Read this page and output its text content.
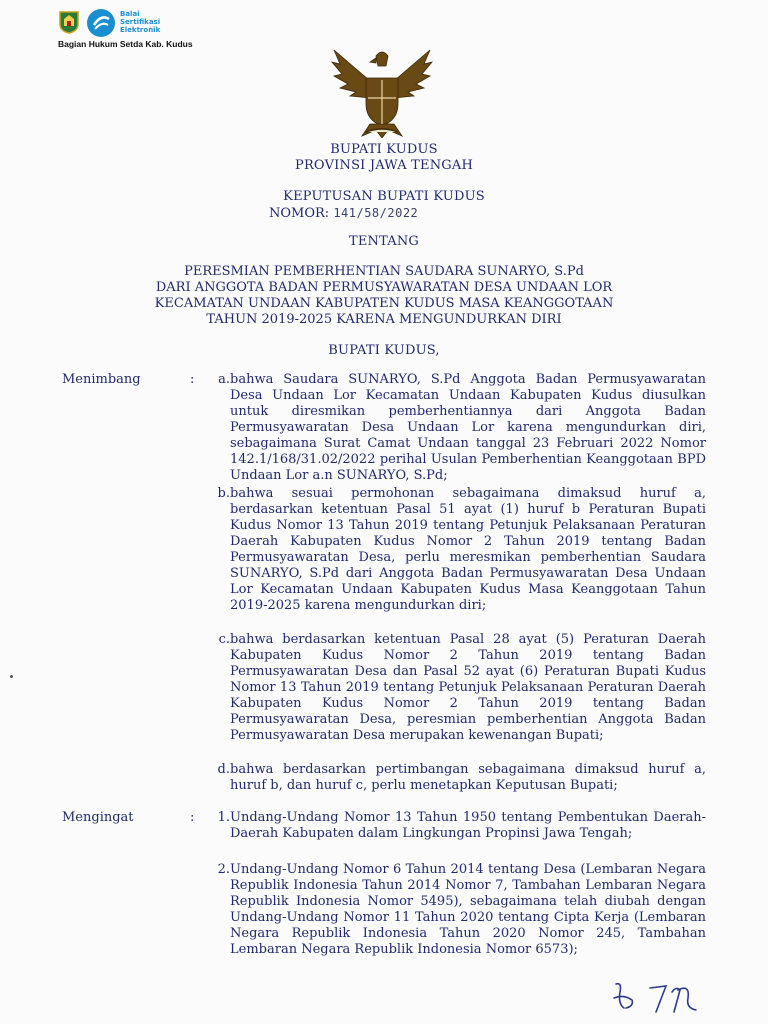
Balai
Sertifikasi
Elektronik
Bagian Hukum Setda Kab. Kudus
BUPATI KUDUS
PROVINSI JAWA TENGAH
KEPUTUSAN BUPATI KUDUS
NOMOR: 141/58/2022
TENTANG
PERESMIAN PEMBERHENTIAN SAUDARA SUNARYO, S.Pd
DARI ANGGOTA BADAN PERMUSYAWARATAN DESA UNDAAN LOR
KECAMATAN UNDAAN KABUPATEN KUDUS MASA KEANGGOTAAN
TAHUN 2019-2025 KARENA MENGUNDURKAN DIRI
BUPATI KUDUS,
Menimbang	:	a. bahwa Saudara SUNARYO, S.Pd Anggota Badan Permusyawaratan Desa Undaan Lor Kecamatan Undaan Kabupaten Kudus diusulkan untuk diresmikan pemberhentiannya dari Anggota Badan Permusyawaratan Desa Undaan Lor karena mengundurkan diri, sebagaimana Surat Camat Undaan tanggal 23 Februari 2022 Nomor 142.1/168/31.02/2022 perihal Usulan Pemberhentian Keanggotaan BPD Undaan Lor a.n SUNARYO, S.Pd;
b. bahwa sesuai permohonan sebagaimana dimaksud huruf a, berdasarkan ketentuan Pasal 51 ayat (1) huruf b Peraturan Bupati Kudus Nomor 13 Tahun 2019 tentang Petunjuk Pelaksanaan Peraturan Daerah Kabupaten Kudus Nomor 2 Tahun 2019 tentang Badan Permusyawaratan Desa, perlu meresmikan pemberhentian Saudara SUNARYO, S.Pd dari Anggota Badan Permusyawaratan Desa Undaan Lor Kecamatan Undaan Kabupaten Kudus Masa Keanggotaan Tahun 2019-2025 karena mengundurkan diri;
c. bahwa berdasarkan ketentuan Pasal 28 ayat (5) Peraturan Daerah Kabupaten Kudus Nomor 2 Tahun 2019 tentang Badan Permusyawaratan Desa dan Pasal 52 ayat (6) Peraturan Bupati Kudus Nomor 13 Tahun 2019 tentang Petunjuk Pelaksanaan Peraturan Daerah Kabupaten Kudus Nomor 2 Tahun 2019 tentang Badan Permusyawaratan Desa, peresmian pemberhentian Anggota Badan Permusyawaratan Desa merupakan kewenangan Bupati;
d. bahwa berdasarkan pertimbangan sebagaimana dimaksud huruf a, huruf b, dan huruf c, perlu menetapkan Keputusan Bupati;
Mengingat	:	1. Undang-Undang Nomor 13 Tahun 1950 tentang Pembentukan Daerah-Daerah Kabupaten dalam Lingkungan Propinsi Jawa Tengah;
2. Undang-Undang Nomor 6 Tahun 2014 tentang Desa (Lembaran Negara Republik Indonesia Tahun 2014 Nomor 7, Tambahan Lembaran Negara Republik Indonesia Nomor 5495), sebagaimana telah diubah dengan Undang-Undang Nomor 11 Tahun 2020 tentang Cipta Kerja (Lembaran Negara Republik Indonesia Tahun 2020 Nomor 245, Tambahan Lembaran Negara Republik Indonesia Nomor 6573);
